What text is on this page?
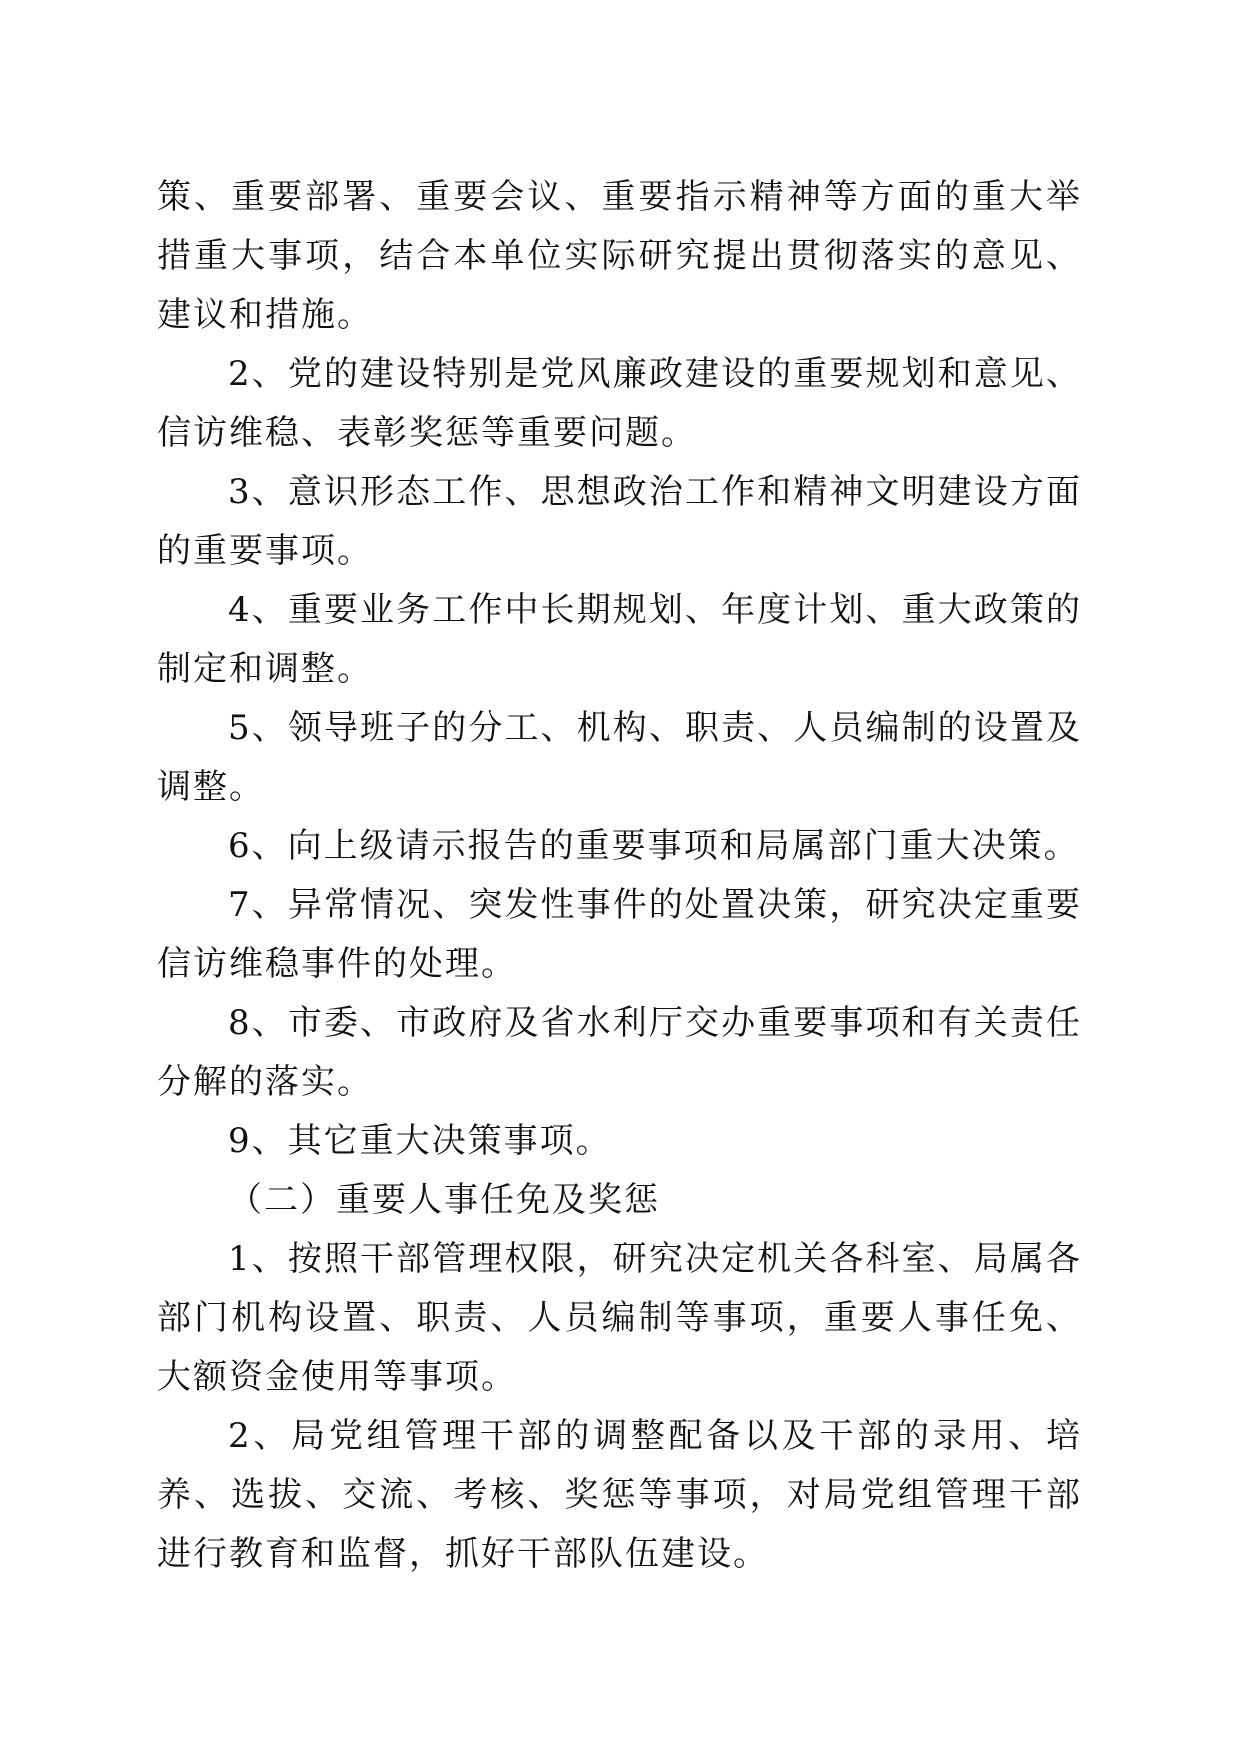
策、重要部署、重要会议、重要指示精神等方面的重大举措重大事项，结合本单位实际研究提出贯彻落实的意见、建议和措施。

2、党的建设特别是党风廉政建设的重要规划和意见、信访维稳、表彰奖惩等重要问题。

3、意识形态工作、思想政治工作和精神文明建设方面的重要事项。

4、重要业务工作中长期规划、年度计划、重大政策的制定和调整。

5、领导班子的分工、机构、职责、人员编制的设置及调整。

6、向上级请示报告的重要事项和局属部门重大决策。

7、异常情况、突发性事件的处置决策，研究决定重要信访维稳事件的处理。

8、市委、市政府及省水利厅交办重要事项和有关责任分解的落实。

9、其它重大决策事项。

（二）重要人事任免及奖惩

1、按照干部管理权限，研究决定机关各科室、局属各部门机构设置、职责、人员编制等事项，重要人事任免、大额资金使用等事项。

2、局党组管理干部的调整配备以及干部的录用、培养、选拔、交流、考核、奖惩等事项，对局党组管理干部进行教育和监督，抓好干部队伍建设。
